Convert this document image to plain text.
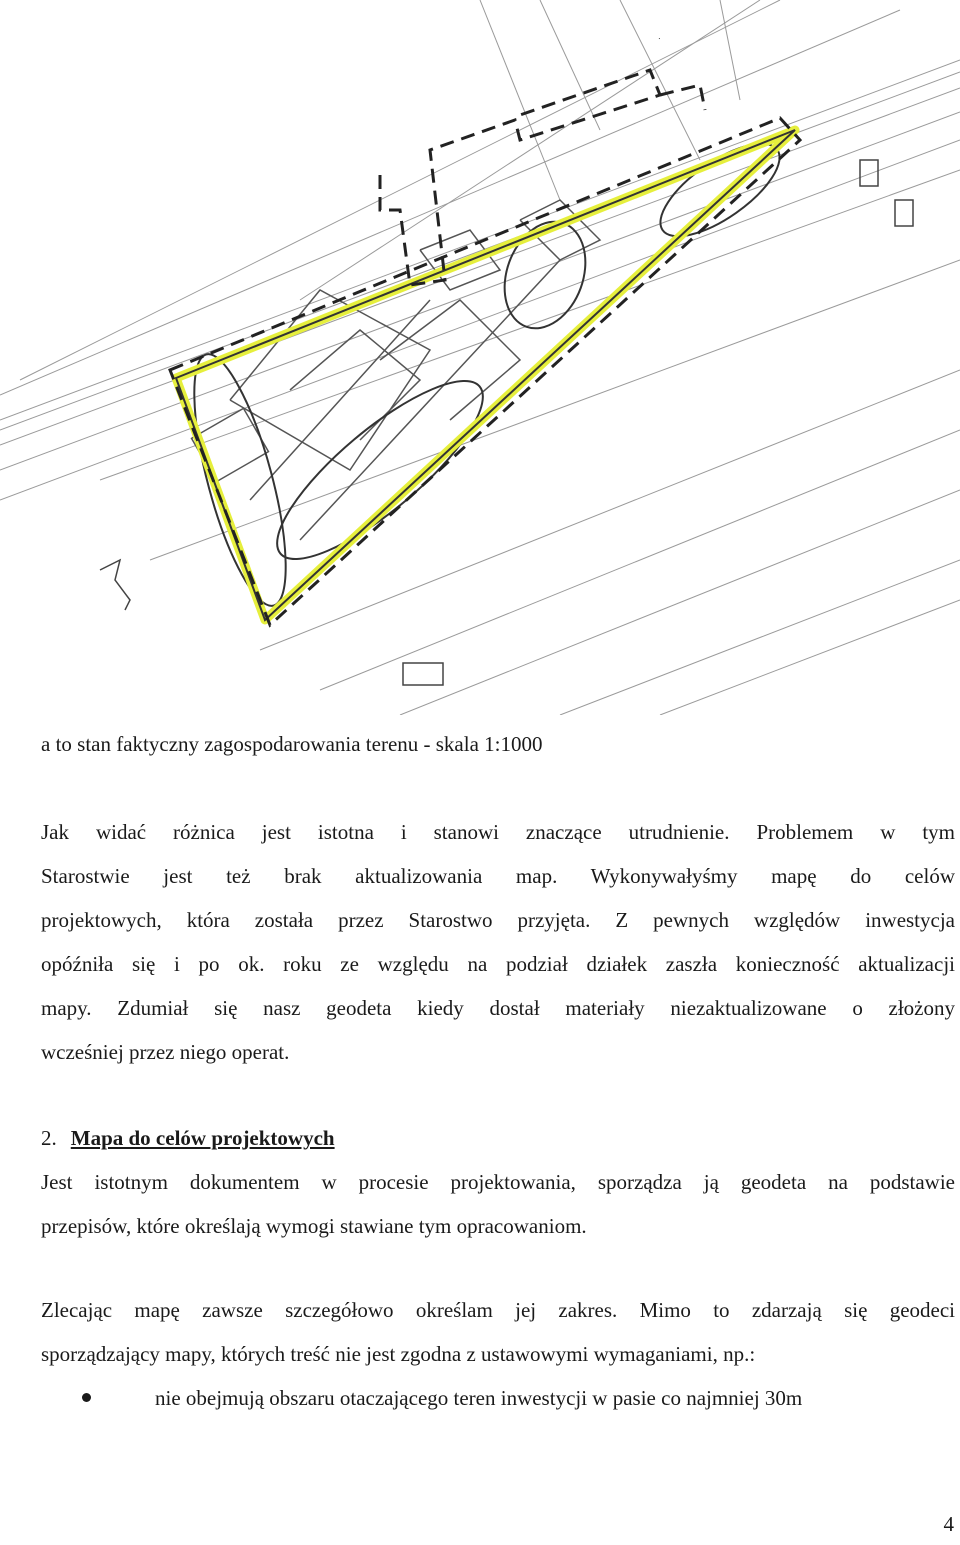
.
a to stan faktyczny zagospodarowania terenu - skala 1:1000
Jak widać różnica jest istotna i stanowi znaczące utrudnienie. Problemem w tym
Starostwie jest też brak aktualizowania map. Wykonywałyśmy mapę do celów
projektowych, która została przez Starostwo przyjęta. Z pewnych względów inwestycja
opóźniła się i po ok. roku ze względu na podział działek zaszła konieczność aktualizacji
mapy. Zdumiał się nasz geodeta kiedy dostał materiały niezaktualizowane o złożony
wcześniej przez niego operat.
2. Mapa do celów projektowych
Jest istotnym dokumentem w procesie projektowania, sporządza ją geodeta na podstawie
przepisów, które określają wymogi stawiane tym opracowaniom.
Zlecając mapę zawsze szczegółowo określam jej zakres. Mimo to zdarzają się geodeci
sporządzający mapy, których treść nie jest zgodna z ustawowymi wymaganiami, np.:
nie obejmują obszaru otaczającego teren inwestycji w pasie co najmniej 30m
4
